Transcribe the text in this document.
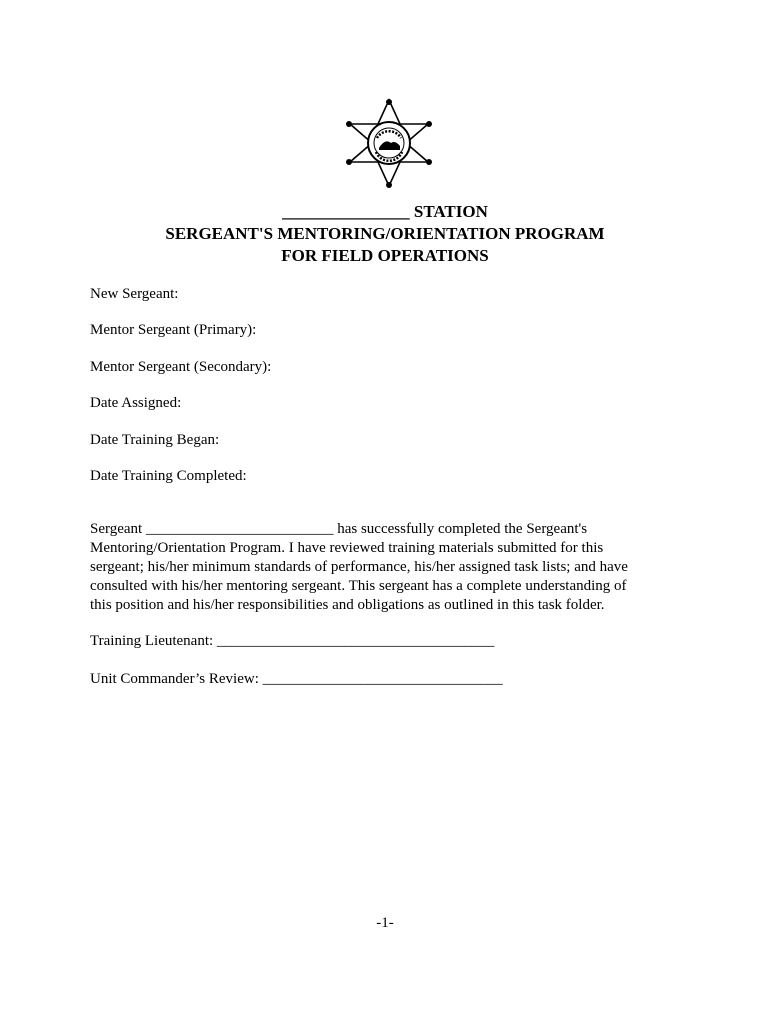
_______________ STATION
SERGEANT'S MENTORING/ORIENTATION PROGRAM
FOR FIELD OPERATIONS
New Sergeant:
Mentor Sergeant (Primary):
Mentor Sergeant (Secondary):
Date Assigned:
Date Training Began:
Date Training Completed:
Sergeant _________________________ has successfully completed the Sergeant's Mentoring/Orientation Program. I have reviewed training materials submitted for this sergeant; his/her minimum standards of performance, his/her assigned task lists; and have consulted with his/her mentoring sergeant. This sergeant has a complete understanding of this position and his/her responsibilities and obligations as outlined in this task folder.
Training Lieutenant: _____________________________________
Unit Commander’s Review: ________________________________
-1-
